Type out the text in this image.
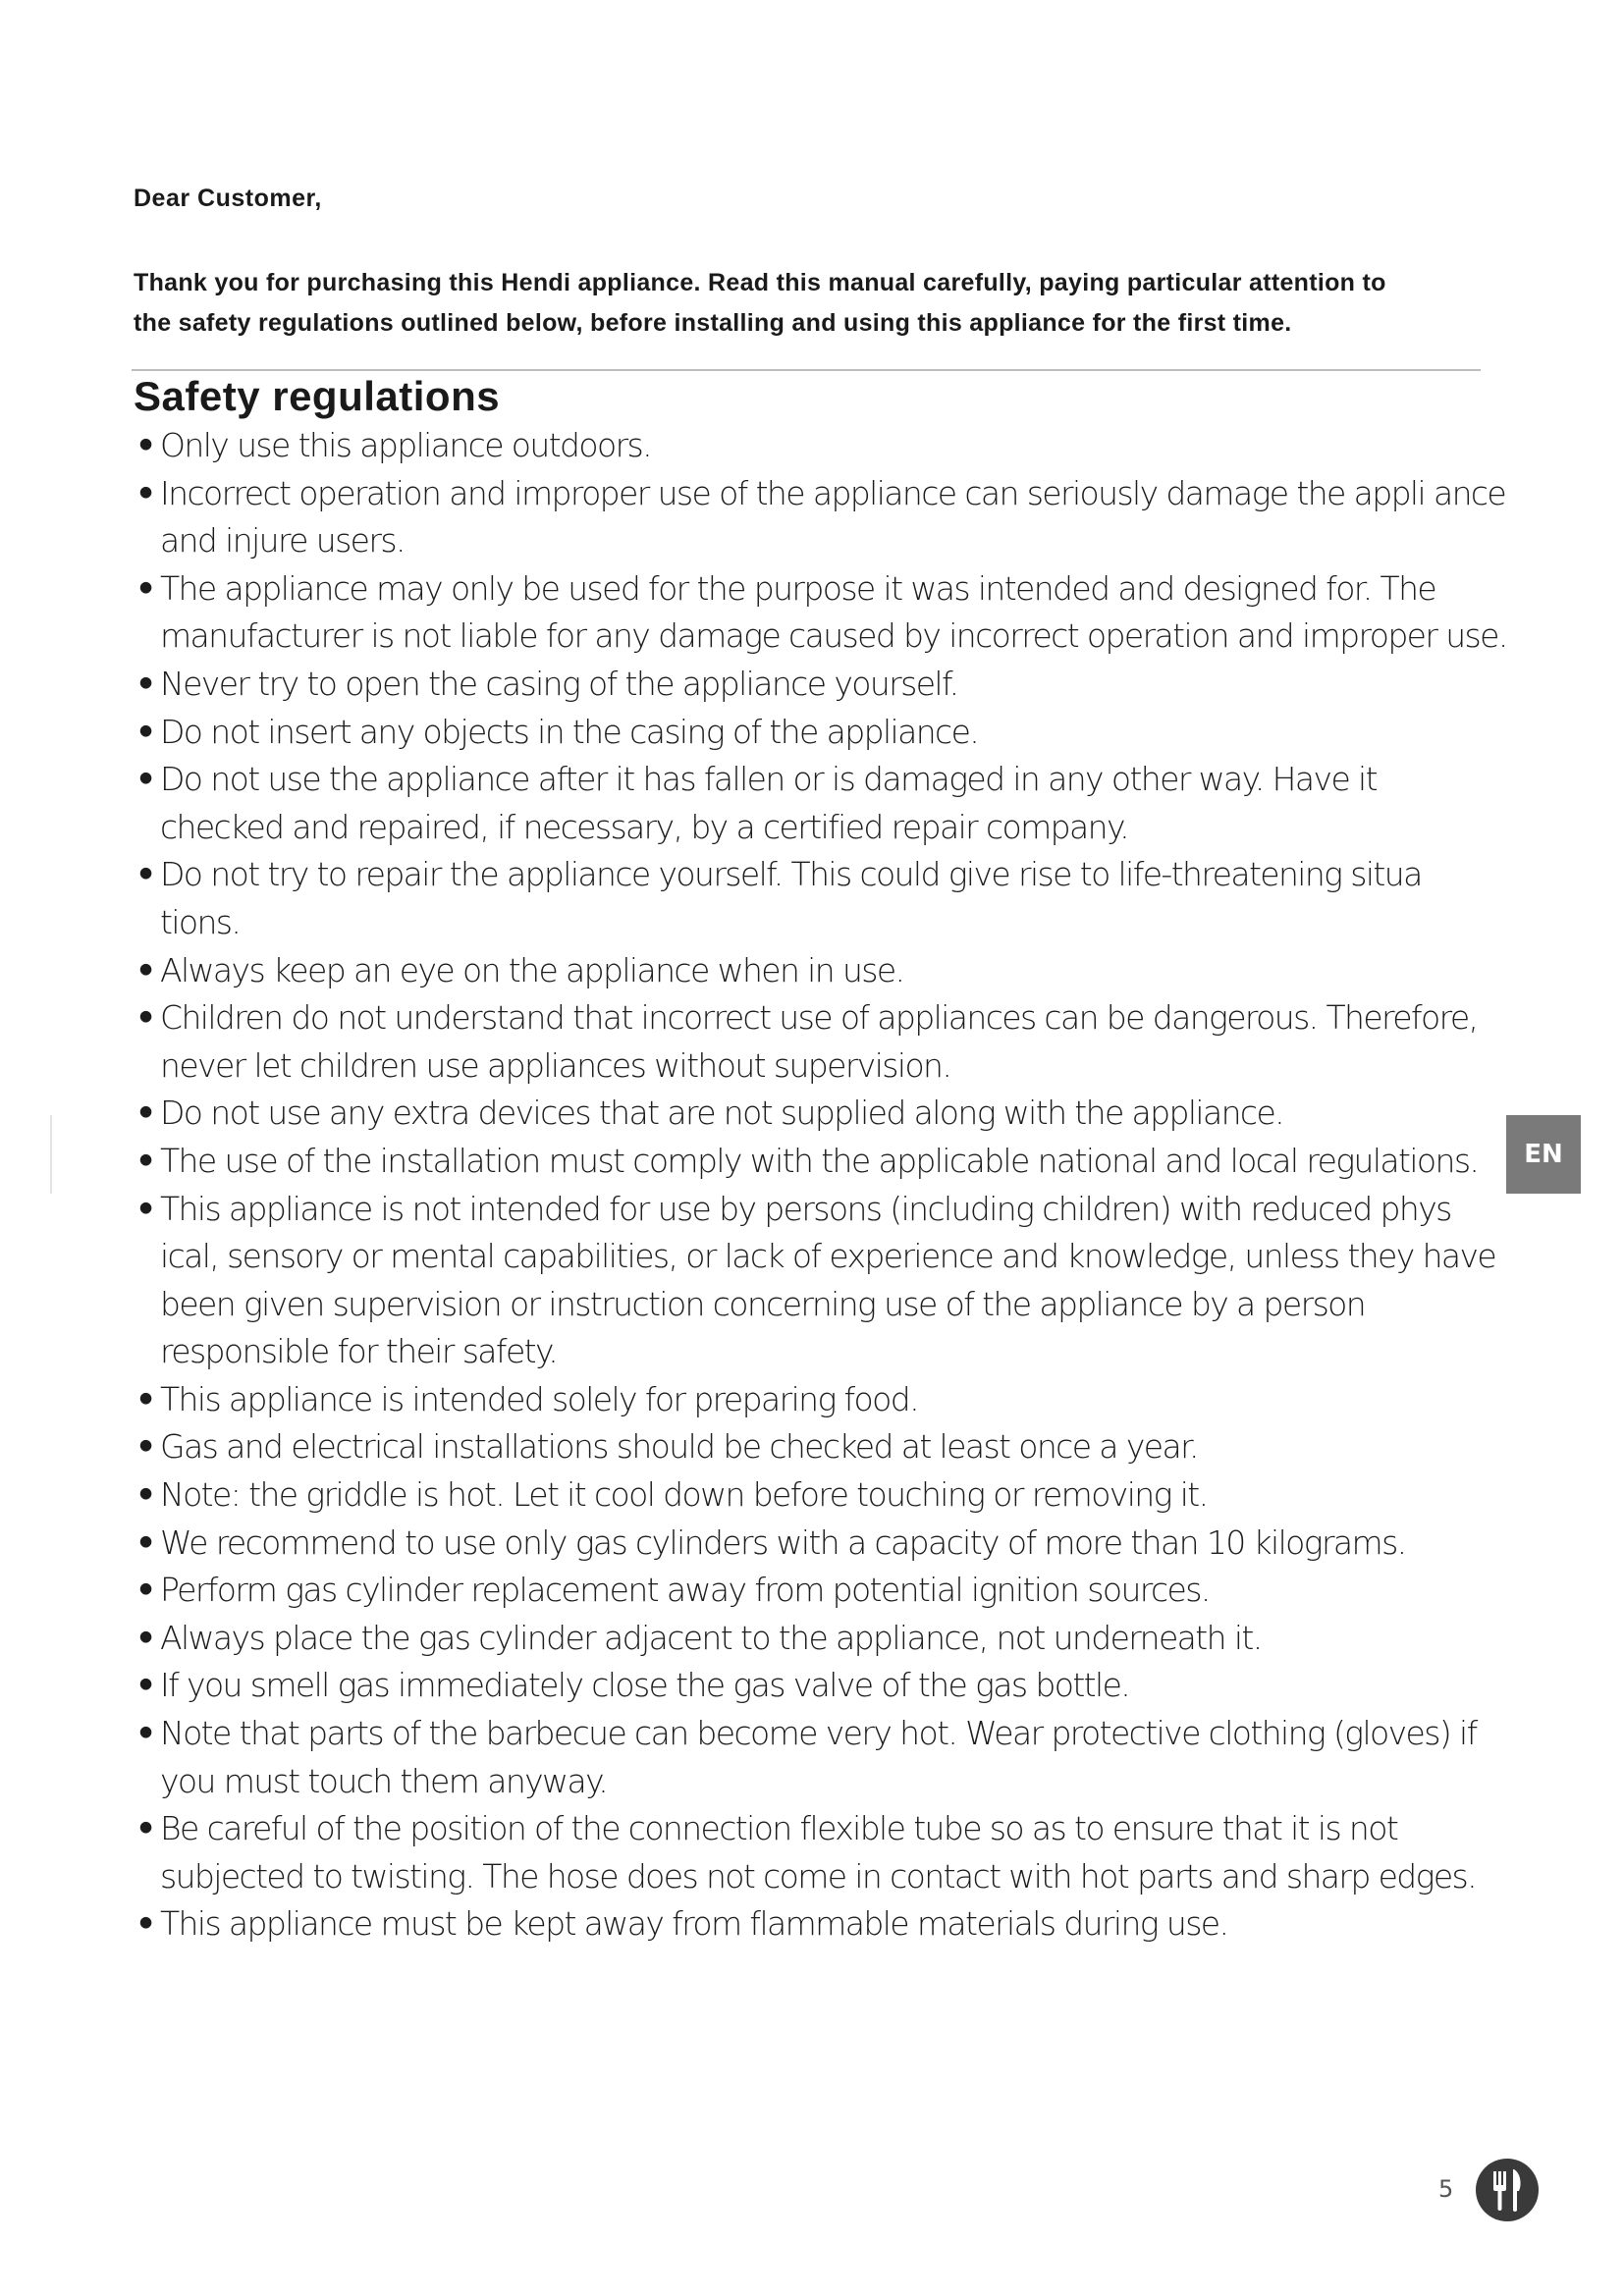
Dear Customer,
Thank you for purchasing this Hendi appliance. Read this manual carefully, paying particular attention to
the safety regulations outlined below, before installing and using this appliance for the first time.
Safety regulations
• Only use this appliance outdoors.
• Incorrect operation and improper use of the appliance can seriously damage the appli ance and injure users.
• The appliance may only be used for the purpose it was intended and designed for. The manufacturer is not liable for any damage caused by incorrect operation and improper use.
• Never try to open the casing of the appliance yourself.
• Do not insert any objects in the casing of the appliance.
• Do not use the appliance after it has fallen or is damaged in any other way. Have it checked and repaired, if necessary, by a certified repair company.
• Do not try to repair the appliance yourself. This could give rise to life-threatening situa tions.
• Always keep an eye on the appliance when in use.
• Children do not understand that incorrect use of appliances can be dangerous. Therefore, never let children use appliances without supervision.
• Do not use any extra devices that are not supplied along with the appliance.
• The use of the installation must comply with the applicable national and local regulations.
• This appliance is not intended for use by persons (including children) with reduced phys ical, sensory or mental capabilities, or lack of experience and knowledge, unless they have been given supervision or instruction concerning use of the appliance by a person responsible for their safety.
• This appliance is intended solely for preparing food.
• Gas and electrical installations should be checked at least once a year.
• Note: the griddle is hot. Let it cool down before touching or removing it.
• We recommend to use only gas cylinders with a capacity of more than 10 kilograms.
• Perform gas cylinder replacement away from potential ignition sources.
• Always place the gas cylinder adjacent to the appliance, not underneath it.
• If you smell gas immediately close the gas valve of the gas bottle.
• Note that parts of the barbecue can become very hot. Wear protective clothing (gloves) if you must touch them anyway.
• Be careful of the position of the connection flexible tube so as to ensure that it is not subjected to twisting. The hose does not come in contact with hot parts and sharp edges.
• This appliance must be kept away from flammable materials during use.
EN
5
